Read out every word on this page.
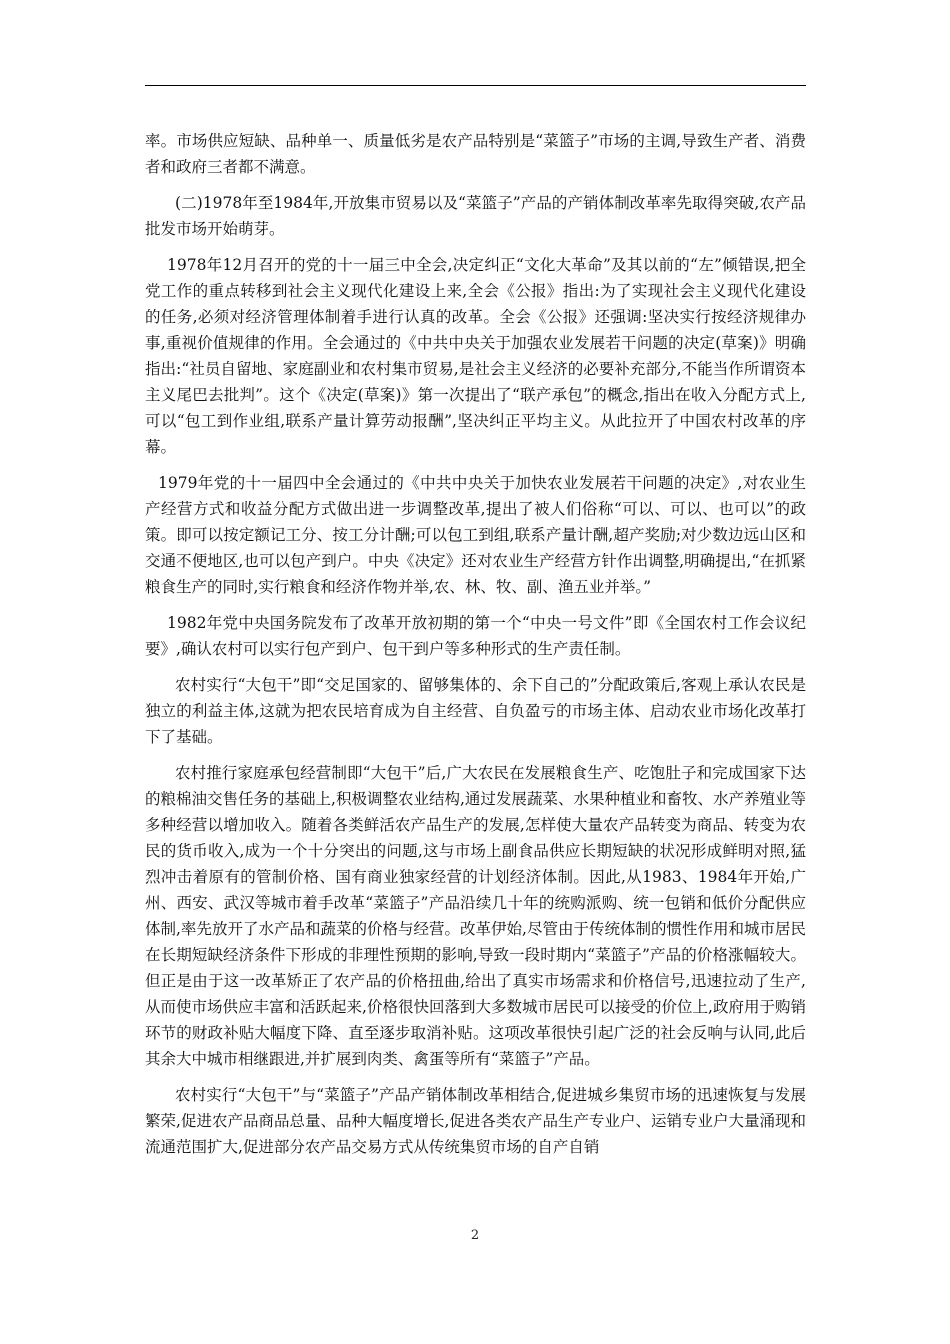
率。市场供应短缺、品种单一、质量低劣是农产品特别是“菜篮子”市场的主调,导致生产者、消费者和政府三者都不满意。

(二)1978年至1984年,开放集市贸易以及“菜篮子”产品的产销体制改革率先取得突破,农产品批发市场开始萌芽。

1978年12月召开的党的十一届三中全会,决定纠正“文化大革命”及其以前的“左”倾错误,把全党工作的重点转移到社会主义现代化建设上来,全会《公报》指出:为了实现社会主义现代化建设的任务,必须对经济管理体制着手进行认真的改革。全会《公报》还强调:坚决实行按经济规律办事,重视价值规律的作用。全会通过的《中共中央关于加强农业发展若干问题的决定(草案)》明确指出:“社员自留地、家庭副业和农村集市贸易,是社会主义经济的必要补充部分,不能当作所谓资本主义尾巴去批判”。这个《决定(草案)》第一次提出了“联产承包”的概念,指出在收入分配方式上,可以“包工到作业组,联系产量计算劳动报酬”,坚决纠正平均主义。从此拉开了中国农村改革的序幕。

1979年党的十一届四中全会通过的《中共中央关于加快农业发展若干问题的决定》,对农业生产经营方式和收益分配方式做出进一步调整改革,提出了被人们俗称“可以、可以、也可以”的政策。即可以按定额记工分、按工分计酬;可以包工到组,联系产量计酬,超产奖励;对少数边远山区和交通不便地区,也可以包产到户。中央《决定》还对农业生产经营方针作出调整,明确提出,“在抓紧粮食生产的同时,实行粮食和经济作物并举,农、林、牧、副、渔五业并举。”

1982年党中央国务院发布了改革开放初期的第一个“中央一号文件”即《全国农村工作会议纪要》,确认农村可以实行包产到户、包干到户等多种形式的生产责任制。

农村实行“大包干”即“交足国家的、留够集体的、余下自己的”分配政策后,客观上承认农民是独立的利益主体,这就为把农民培育成为自主经营、自负盈亏的市场主体、启动农业市场化改革打下了基础。

农村推行家庭承包经营制即“大包干”后,广大农民在发展粮食生产、吃饱肚子和完成国家下达的粮棉油交售任务的基础上,积极调整农业结构,通过发展蔬菜、水果种植业和畜牧、水产养殖业等多种经营以增加收入。随着各类鲜活农产品生产的发展,怎样使大量农产品转变为商品、转变为农民的货币收入,成为一个十分突出的问题,这与市场上副食品供应长期短缺的状况形成鲜明对照,猛烈冲击着原有的管制价格、国有商业独家经营的计划经济体制。因此,从1983、1984年开始,广州、西安、武汉等城市着手改革“菜篮子”产品沿续几十年的统购派购、统一包销和低价分配供应体制,率先放开了水产品和蔬菜的价格与经营。改革伊始,尽管由于传统体制的惯性作用和城市居民在长期短缺经济条件下形成的非理性预期的影响,导致一段时期内“菜篮子”产品的价格涨幅较大。但正是由于这一改革矫正了农产品的价格扭曲,给出了真实市场需求和价格信号,迅速拉动了生产,从而使市场供应丰富和活跃起来,价格很快回落到大多数城市居民可以接受的价位上,政府用于购销环节的财政补贴大幅度下降、直至逐步取消补贴。这项改革很快引起广泛的社会反响与认同,此后其余大中城市相继跟进,并扩展到肉类、禽蛋等所有“菜篮子”产品。

农村实行“大包干”与“菜篮子”产品产销体制改革相结合,促进城乡集贸市场的迅速恢复与发展繁荣,促进农产品商品总量、品种大幅度增长,促进各类农产品生产专业户、运销专业户大量涌现和流通范围扩大,促进部分农产品交易方式从传统集贸市场的自产自销

2
